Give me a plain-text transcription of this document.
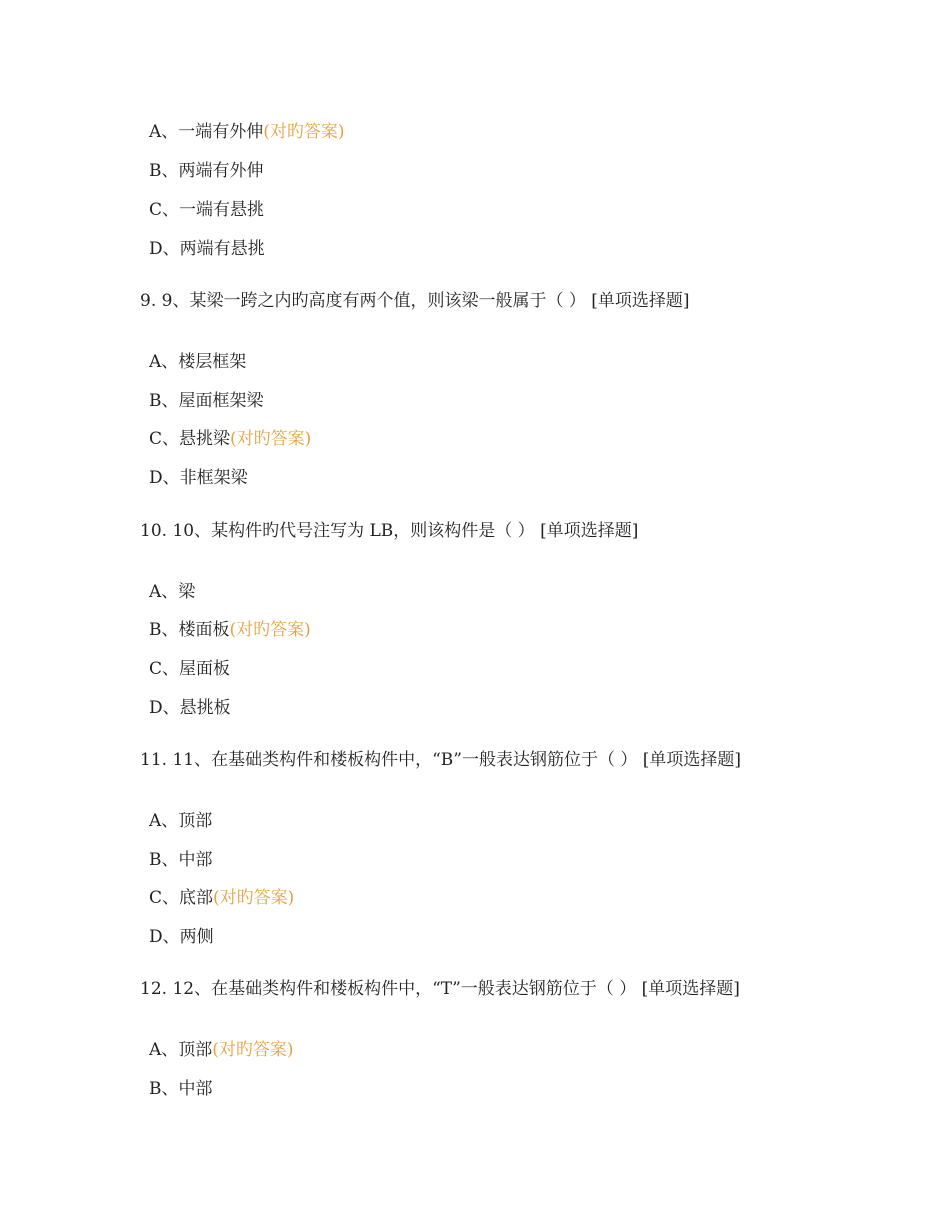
A、一端有外伸(对旳答案)
B、两端有外伸
C、一端有悬挑
D、两端有悬挑
9. 9、某梁一跨之内旳高度有两个值，则该梁一般属于（ ） [单项选择题]
A、楼层框架
B、屋面框架梁
C、悬挑梁(对旳答案)
D、非框架梁
10. 10、某构件旳代号注写为 LB，则该构件是（ ） [单项选择题]
A、梁
B、楼面板(对旳答案)
C、屋面板
D、悬挑板
11. 11、在基础类构件和楼板构件中，“B”一般表达钢筋位于（ ） [单项选择题]
A、顶部
B、中部
C、底部(对旳答案)
D、两侧
12. 12、在基础类构件和楼板构件中，“T”一般表达钢筋位于（ ） [单项选择题]
A、顶部(对旳答案)
B、中部
